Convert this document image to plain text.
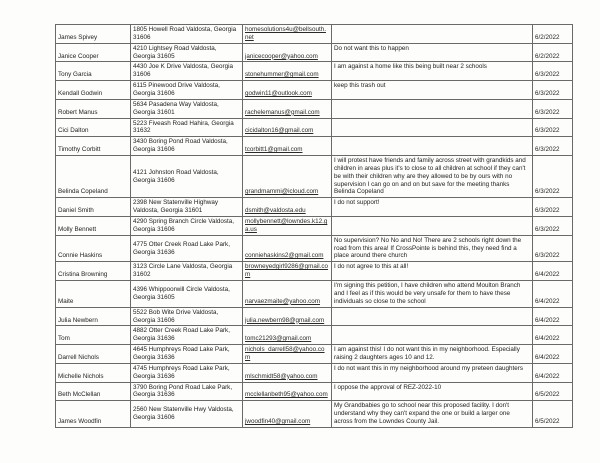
James Spivey	1805 Howell Road Valdosta, Georgia 31606	homesolutions4u@bellsouth.net		6/2/2022
Janice Cooper	4210 Lightsey Road Valdosta, Georgia 31605	janicecooper@yahoo.com	Do not want this to happen	6/2/2022
Tony Garcia	4430 Joe K Drive Valdosta, Georgia 31606	stonehummer@gmail.com	I am against a home like this being built near 2 schools	6/3/2022
Kendall Godwin	6115 Pinewood Drive Valdosta, Georgia 31606	godwin11@outlook.com	keep this trash out	6/3/2022
Robert Manus	5634 Pasadena Way Valdosta, Georgia 31601	rachelemanus@gmail.com		6/3/2022
Cici Dalton	5223 Fiveash Road Hahira, Georgia 31632	cicidalton16@gmail.com		6/3/2022
Timothy Corbitt	3430 Boring Pond Road Valdosta, Georgia 31606	tcorbitt1@gmail.com		6/3/2022
Belinda Copeland	4121 Johnston Road Valdosta, Georgia 31606	grandmammi@icloud.com	I will protest have friends and family across street with grandkids and children in areas plus it's to close to all children at school if they can't be with their children why are they allowed to be by ours with no supervision I can go on and on but save for the meeting thanks Belinda Copeland	6/3/2022
Daniel Smith	2398 New Statenville Highway Valdosta, Georgia 31601	dsmith@valdosta.edu	I do not support!	6/3/2022
Molly Bennett	4290 Spring Branch Circle Valdosta, Georgia 31606	mollybennett@lowndes.k12.ga.us		6/3/2022
Connie Haskins	4775 Otter Creek Road Lake Park, Georgia 31636	conniehaskins2@gmail.com	No supervision? No No and No! There are 2 schools right down the road from this area! If CrossPointe is behind this, they need find a place around there church	6/3/2022
Cristina Browning	3123 Circle Lane Valdosta, Georgia 31602	browneyedgirl9286@gmail.com	I do not agree to this at all!	6/4/2022
Maite	4396 Whippoorwill Circle Valdosta, Georgia 31605	narvaezmaite@yahoo.com	I'm signing this petition, I have children who attend Moulton Branch and I feel as if this would be very unsafe for them to have these individuals so close to the school	6/4/2022
Julia Newbern	5522 Bob Wite Drive Valdosta, Georgia 31606	julia.newbern98@gmail.com		6/4/2022
Tom	4882 Otter Creek Road Lake Park, Georgia 31636	tomc21293@gmail.com		6/4/2022
Darrell Nichols	4645 Humphreys Road Lake Park, Georgia 31636	nichols_darrell58@yahoo.com	I am against this! I do not want this in my neighborhood. Especially raising 2 daughters ages 10 and 12.	6/4/2022
Michelle Nichols	4745 Humphreys Road Lake Park, Georgia 31636	mlschmidt58@yahoo.com	I do not want this in my neighborhood around my preteen daughters	6/4/2022
Beth McClellan	3790 Boring Pond Road Lake Park, Georgia 31636	mcclellanbeth95@yahoo.com	I oppose the approval of REZ-2022-10	6/5/2022
James Woodfin	2560 New Statenville Hwy Valdosta, Georgia 31606	jwoodfin40@gmail.com	My Grandbabies go to school near this proposed facility. I don't understand why they can't expand the one or build a larger one across from the Lowndes County Jail.	6/5/2022
